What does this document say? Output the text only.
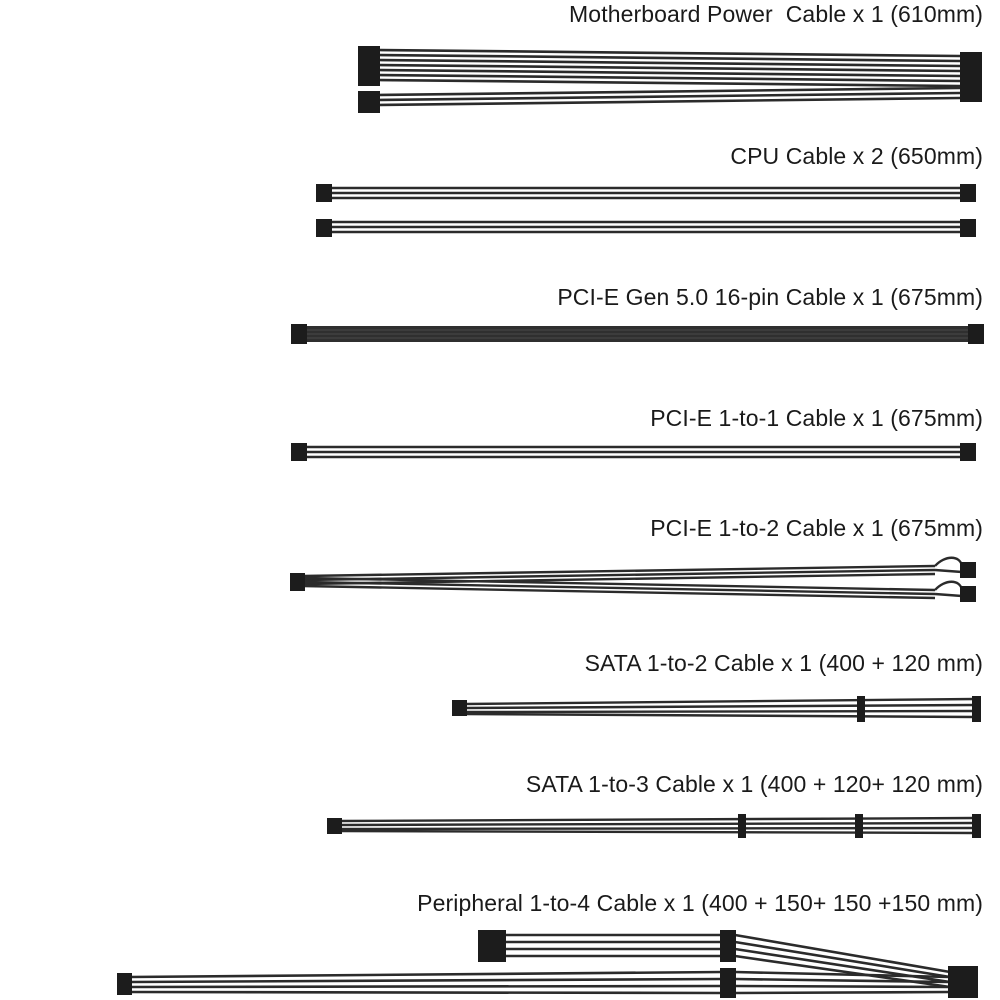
Motherboard Power  Cable x 1 (610mm)
CPU Cable x 2 (650mm)
PCI-E Gen 5.0 16-pin Cable x 1 (675mm)
PCI-E 1-to-1 Cable x 1 (675mm)
PCI-E 1-to-2 Cable x 1 (675mm)
SATA 1-to-2 Cable x 1 (400 + 120 mm)
SATA 1-to-3 Cable x 1 (400 + 120+ 120 mm)
Peripheral 1-to-4 Cable x 1 (400 + 150+ 150 +150 mm)
